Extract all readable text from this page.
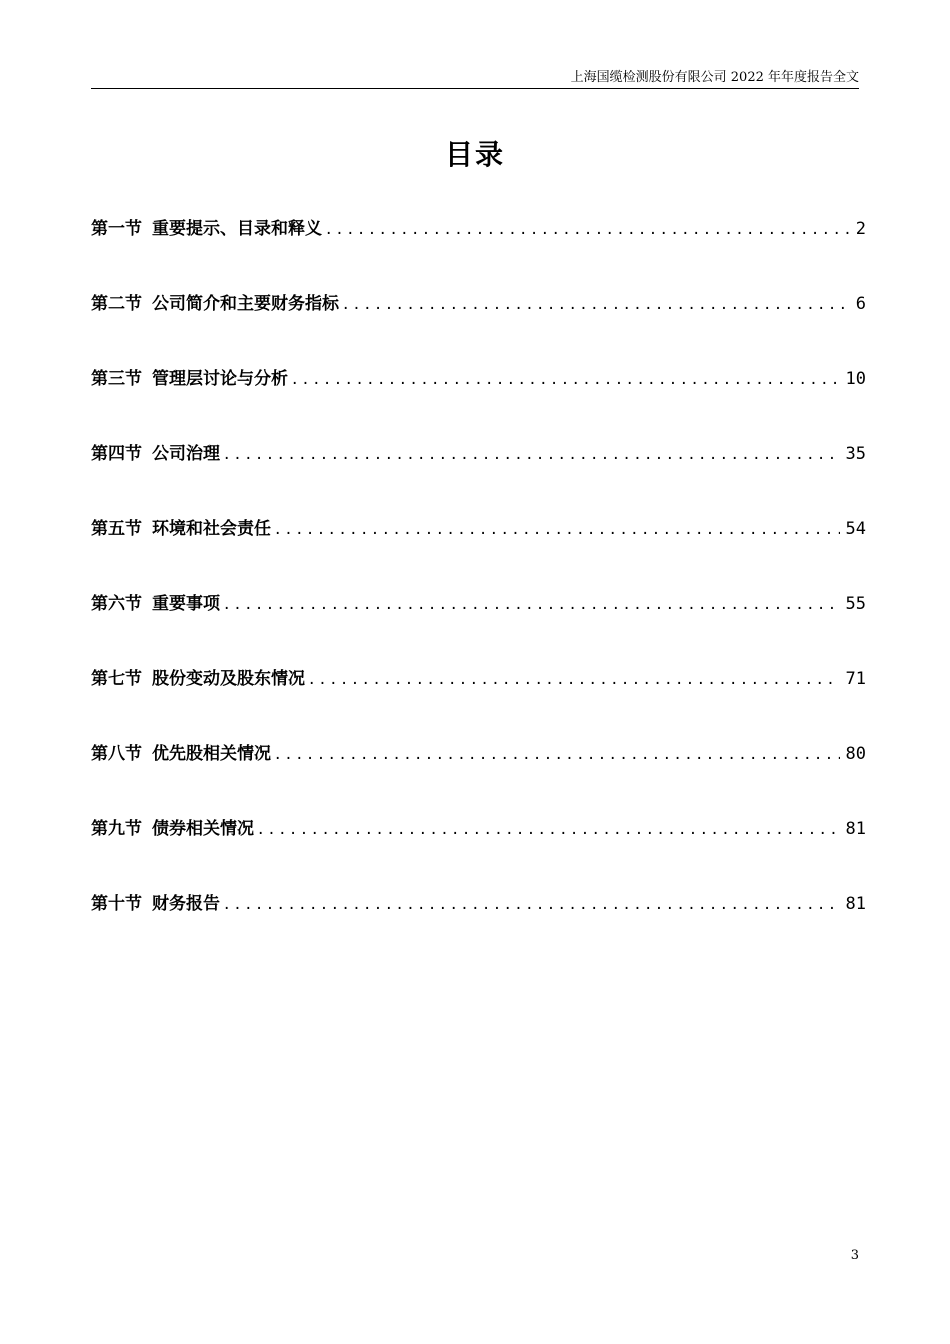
上海国缆检测股份有限公司 2022 年年度报告全文
目录
第一节 重要提示、目录和释义 . . .	2
第二节 公司简介和主要财务指标 . . .	6
第三节 管理层讨论与分析 . . .	10
第四节 公司治理 . . .	35
第五节 环境和社会责任 . . .	54
第六节 重要事项 . . .	55
第七节 股份变动及股东情况 . . .	71
第八节 优先股相关情况 . . .	80
第九节 债券相关情况 . . .	81
第十节 财务报告 . . .	81
3
